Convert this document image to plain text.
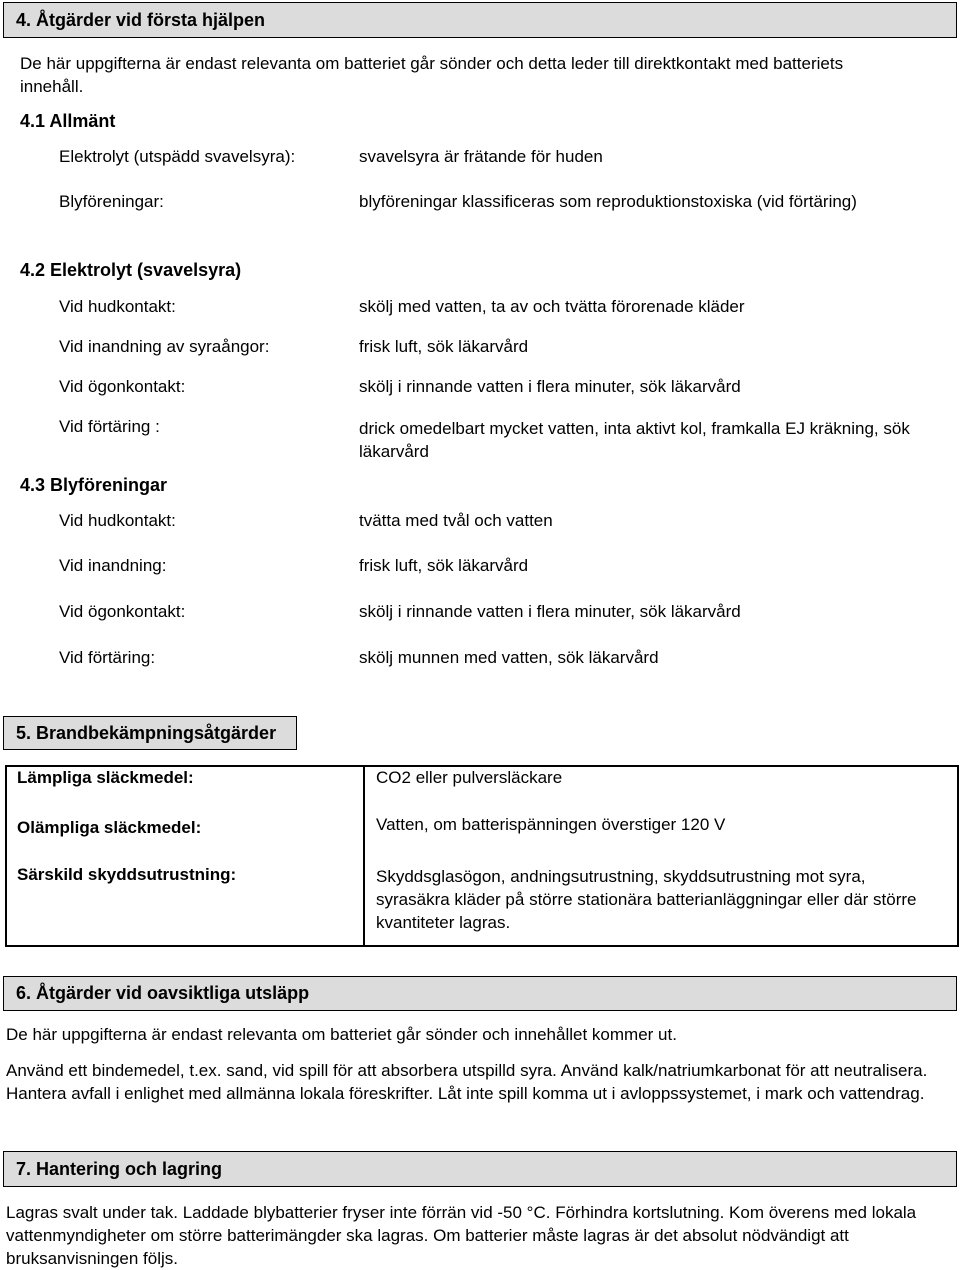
4. Åtgärder vid första hjälpen
De här uppgifterna är endast relevanta om batteriet går sönder och detta leder till direktkontakt med batteriets innehåll.
4.1 Allmänt
Elektrolyt (utspädd svavelsyra):	svavelsyra är frätande för huden
Blyföreningar:	blyföreningar klassificeras som reproduktionstoxiska (vid förtäring)
4.2 Elektrolyt (svavelsyra)
Vid hudkontakt:	skölj med vatten, ta av och tvätta förorenade kläder
Vid inandning av syraångor:	frisk luft, sök läkarvård
Vid ögonkontakt:	skölj i rinnande vatten i flera minuter, sök läkarvård
Vid förtäring :	drick omedelbart mycket vatten, inta aktivt kol, framkalla EJ kräkning, sök läkarvård
4.3 Blyföreningar
Vid hudkontakt:	tvätta med tvål och vatten
Vid inandning:	frisk luft, sök läkarvård
Vid ögonkontakt:	skölj i rinnande vatten i flera minuter, sök läkarvård
Vid förtäring:	skölj munnen med vatten, sök läkarvård
5. Brandbekämpningsåtgärder
Lämpliga släckmedel:	CO2 eller pulversläckare
Olämpliga släckmedel:	Vatten, om batterispänningen överstiger 120 V
Särskild skyddsutrustning:	Skyddsglasögon, andningsutrustning, skyddsutrustning mot syra, syrasäkra kläder på större stationära batterianläggningar eller där större kvantiteter lagras.
6. Åtgärder vid oavsiktliga utsläpp
De här uppgifterna är endast relevanta om batteriet går sönder och innehållet kommer ut.
Använd ett bindemedel, t.ex. sand, vid spill för att absorbera utspilld syra. Använd kalk/natriumkarbonat för att neutralisera. Hantera avfall i enlighet med allmänna lokala föreskrifter. Låt inte spill komma ut i avloppssystemet, i mark och vattendrag.
7. Hantering och lagring
Lagras svalt under tak. Laddade blybatterier fryser inte förrän vid -50 °C. Förhindra kortslutning. Kom överens med lokala vattenmyndigheter om större batterimängder ska lagras. Om batterier måste lagras är det absolut nödvändigt att bruksanvisningen följs.
